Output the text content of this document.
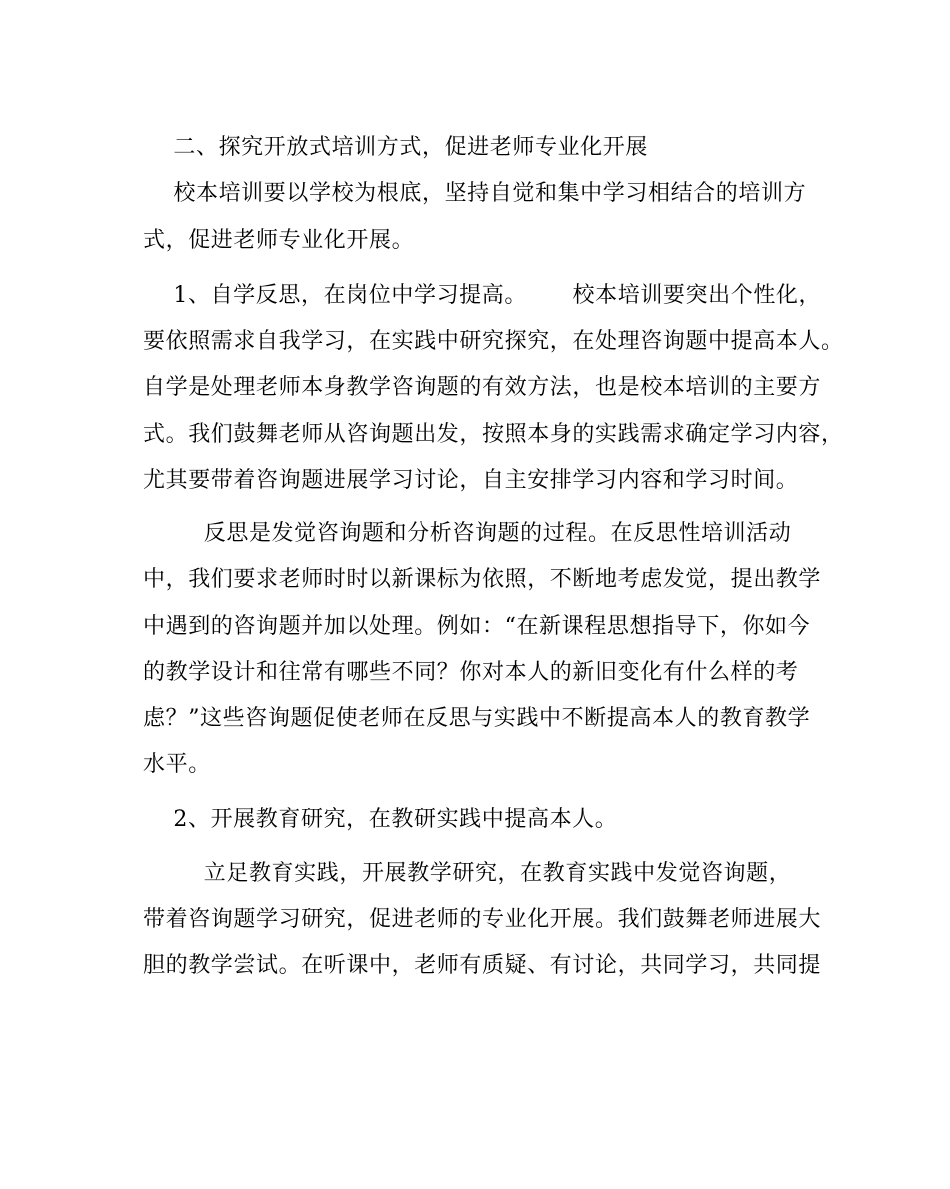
二、探究开放式培训方式，促进老师专业化开展
校本培训要以学校为根底，坚持自觉和集中学习相结合的培训方
式，促进老师专业化开展。
1、自学反思，在岗位中学习提高。      校本培训要突出个性化，
要依照需求自我学习，在实践中研究探究，在处理咨询题中提高本人。
自学是处理老师本身教学咨询题的有效方法，也是校本培训的主要方
式。我们鼓舞老师从咨询题出发，按照本身的实践需求确定学习内容，
尤其要带着咨询题进展学习讨论，自主安排学习内容和学习时间。
反思是发觉咨询题和分析咨询题的过程。在反思性培训活动
中，我们要求老师时时以新课标为依照，不断地考虑发觉，提出教学
中遇到的咨询题并加以处理。例如：“在新课程思想指导下，你如今
的教学设计和往常有哪些不同？你对本人的新旧变化有什么样的考
虑？”这些咨询题促使老师在反思与实践中不断提高本人的教育教学
水平。
2、开展教育研究，在教研实践中提高本人。
立足教育实践，开展教学研究，在教育实践中发觉咨询题，
带着咨询题学习研究，促进老师的专业化开展。我们鼓舞老师进展大
胆的教学尝试。在听课中，老师有质疑、有讨论，共同学习，共同提
